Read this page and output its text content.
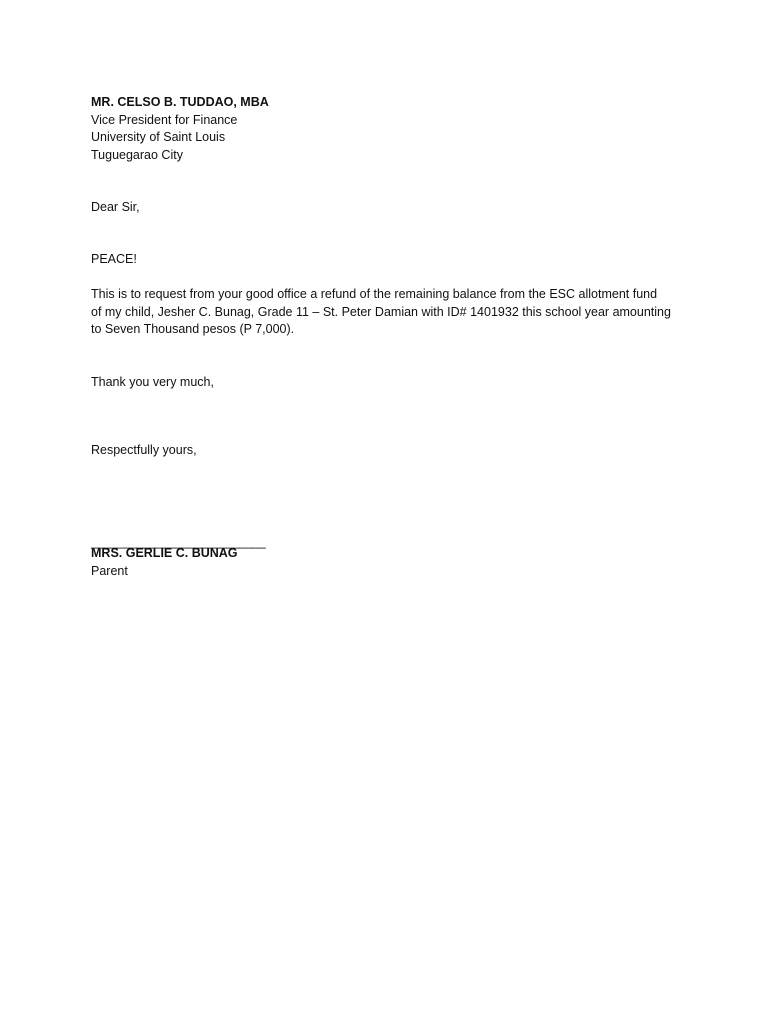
MR. CELSO B. TUDDAO, MBA
Vice President for Finance
University of Saint Louis
Tuguegarao City
Dear Sir,
PEACE!
This is to request from your good office a refund of the remaining balance from the ESC allotment fund
of my child, Jesher C. Bunag, Grade 11 – St. Peter Damian with ID# 1401932 this school year amounting
to Seven Thousand pesos (P 7,000).
Thank you very much,
Respectfully yours,
___________________________
MRS. GERLIE C. BUNAG
Parent
